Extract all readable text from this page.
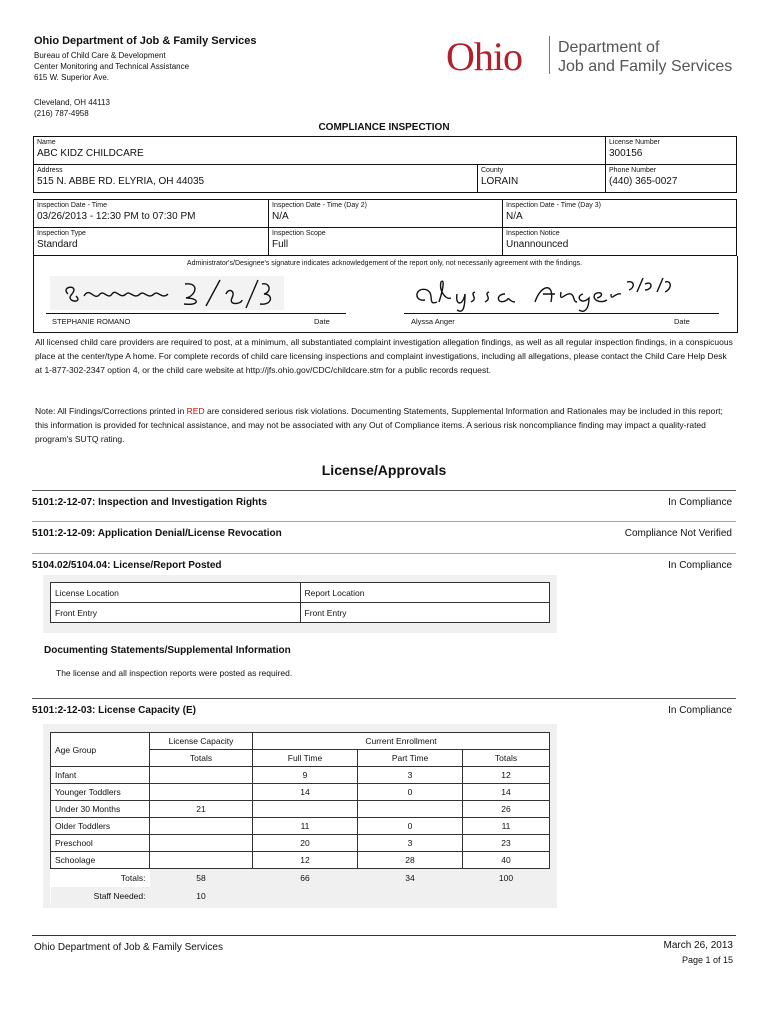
Ohio Department of Job & Family Services
Bureau of Child Care & Development
Center Monitoring and Technical Assistance
615 W. Superior Ave.
Cleveland, OH 44113
(216) 787-4958
Ohio Department of
Job and Family Services
COMPLIANCE INSPECTION
Name
ABC KIDZ CHILDCARE		License Number
300156

Address
515 N. ABBE RD. ELYRIA, OH 44035	County
LORAIN	Phone Number
(440) 365-0027
Inspection Date - Time
03/26/2013 - 12:30 PM to 07:30 PM	Inspection Date - Time (Day 2)
N/A	Inspection Date - Time (Day 3)
N/A

Inspection Type
Standard	Inspection Scope
Full	Inspection Notice
Unannounced
Administrator's/Designee's signature indicates acknowledgement of the report only, not necessarily agreement with the findings.
STEPHANIE ROMANO	Date	Alyssa Anger	Date
All licensed child care providers are required to post, at a minimum, all substantiated complaint investigation allegation findings, as well as all regular inspection findings, in a conspicuous place at the center/type A home. For complete records of child care licensing inspections and complaint investigations, including all allegations, please contact the Child Care Help Desk at 1-877-302-2347 option 4, or the child care website at http://jfs.ohio.gov/CDC/childcare.stm for a public records request.
Note: All Findings/Corrections printed in RED are considered serious risk violations. Documenting Statements, Supplemental Information and Rationales may be included in this report; this information is provided for technical assistance, and may not be associated with any Out of Compliance items. A serious risk noncompliance finding may impact a quality-rated program's SUTQ rating.
License/Approvals
5101:2-12-07: Inspection and Investigation Rights	In Compliance
5101:2-12-09: Application Denial/License Revocation	Compliance Not Verified
5104.02/5104.04: License/Report Posted	In Compliance
License Location	Report Location
Front Entry	Front Entry
Documenting Statements/Supplemental Information
The license and all inspection reports were posted as required.
5101:2-12-03: License Capacity (E)	In Compliance
Age Group	License Capacity	Current Enrollment		
	Totals	Full Time	Part Time	Totals
Infant		9	3	12
Younger Toddlers		14	0	14
Under 30 Months	21			26
Older Toddlers		11	0	11
Preschool		20	3	23
Schoolage		12	28	40
Totals:	58	66	34	100
Staff Needed:	10			
Ohio Department of Job & Family Services	March 26, 2013
Page 1 of 15
